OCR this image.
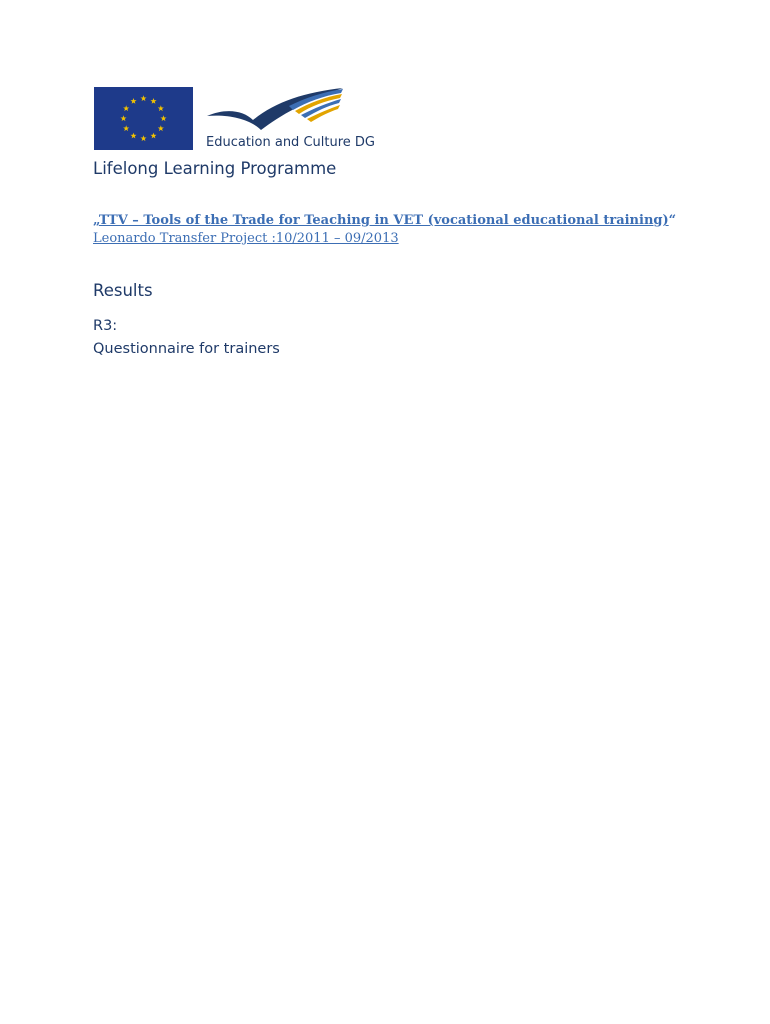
Education and Culture DG
Lifelong Learning Programme
„TTV – Tools of the Trade for Teaching in VET (vocational educational training)“
Leonardo Transfer Project :10/2011 – 09/2013
Results
R3:
Questionnaire for trainers
